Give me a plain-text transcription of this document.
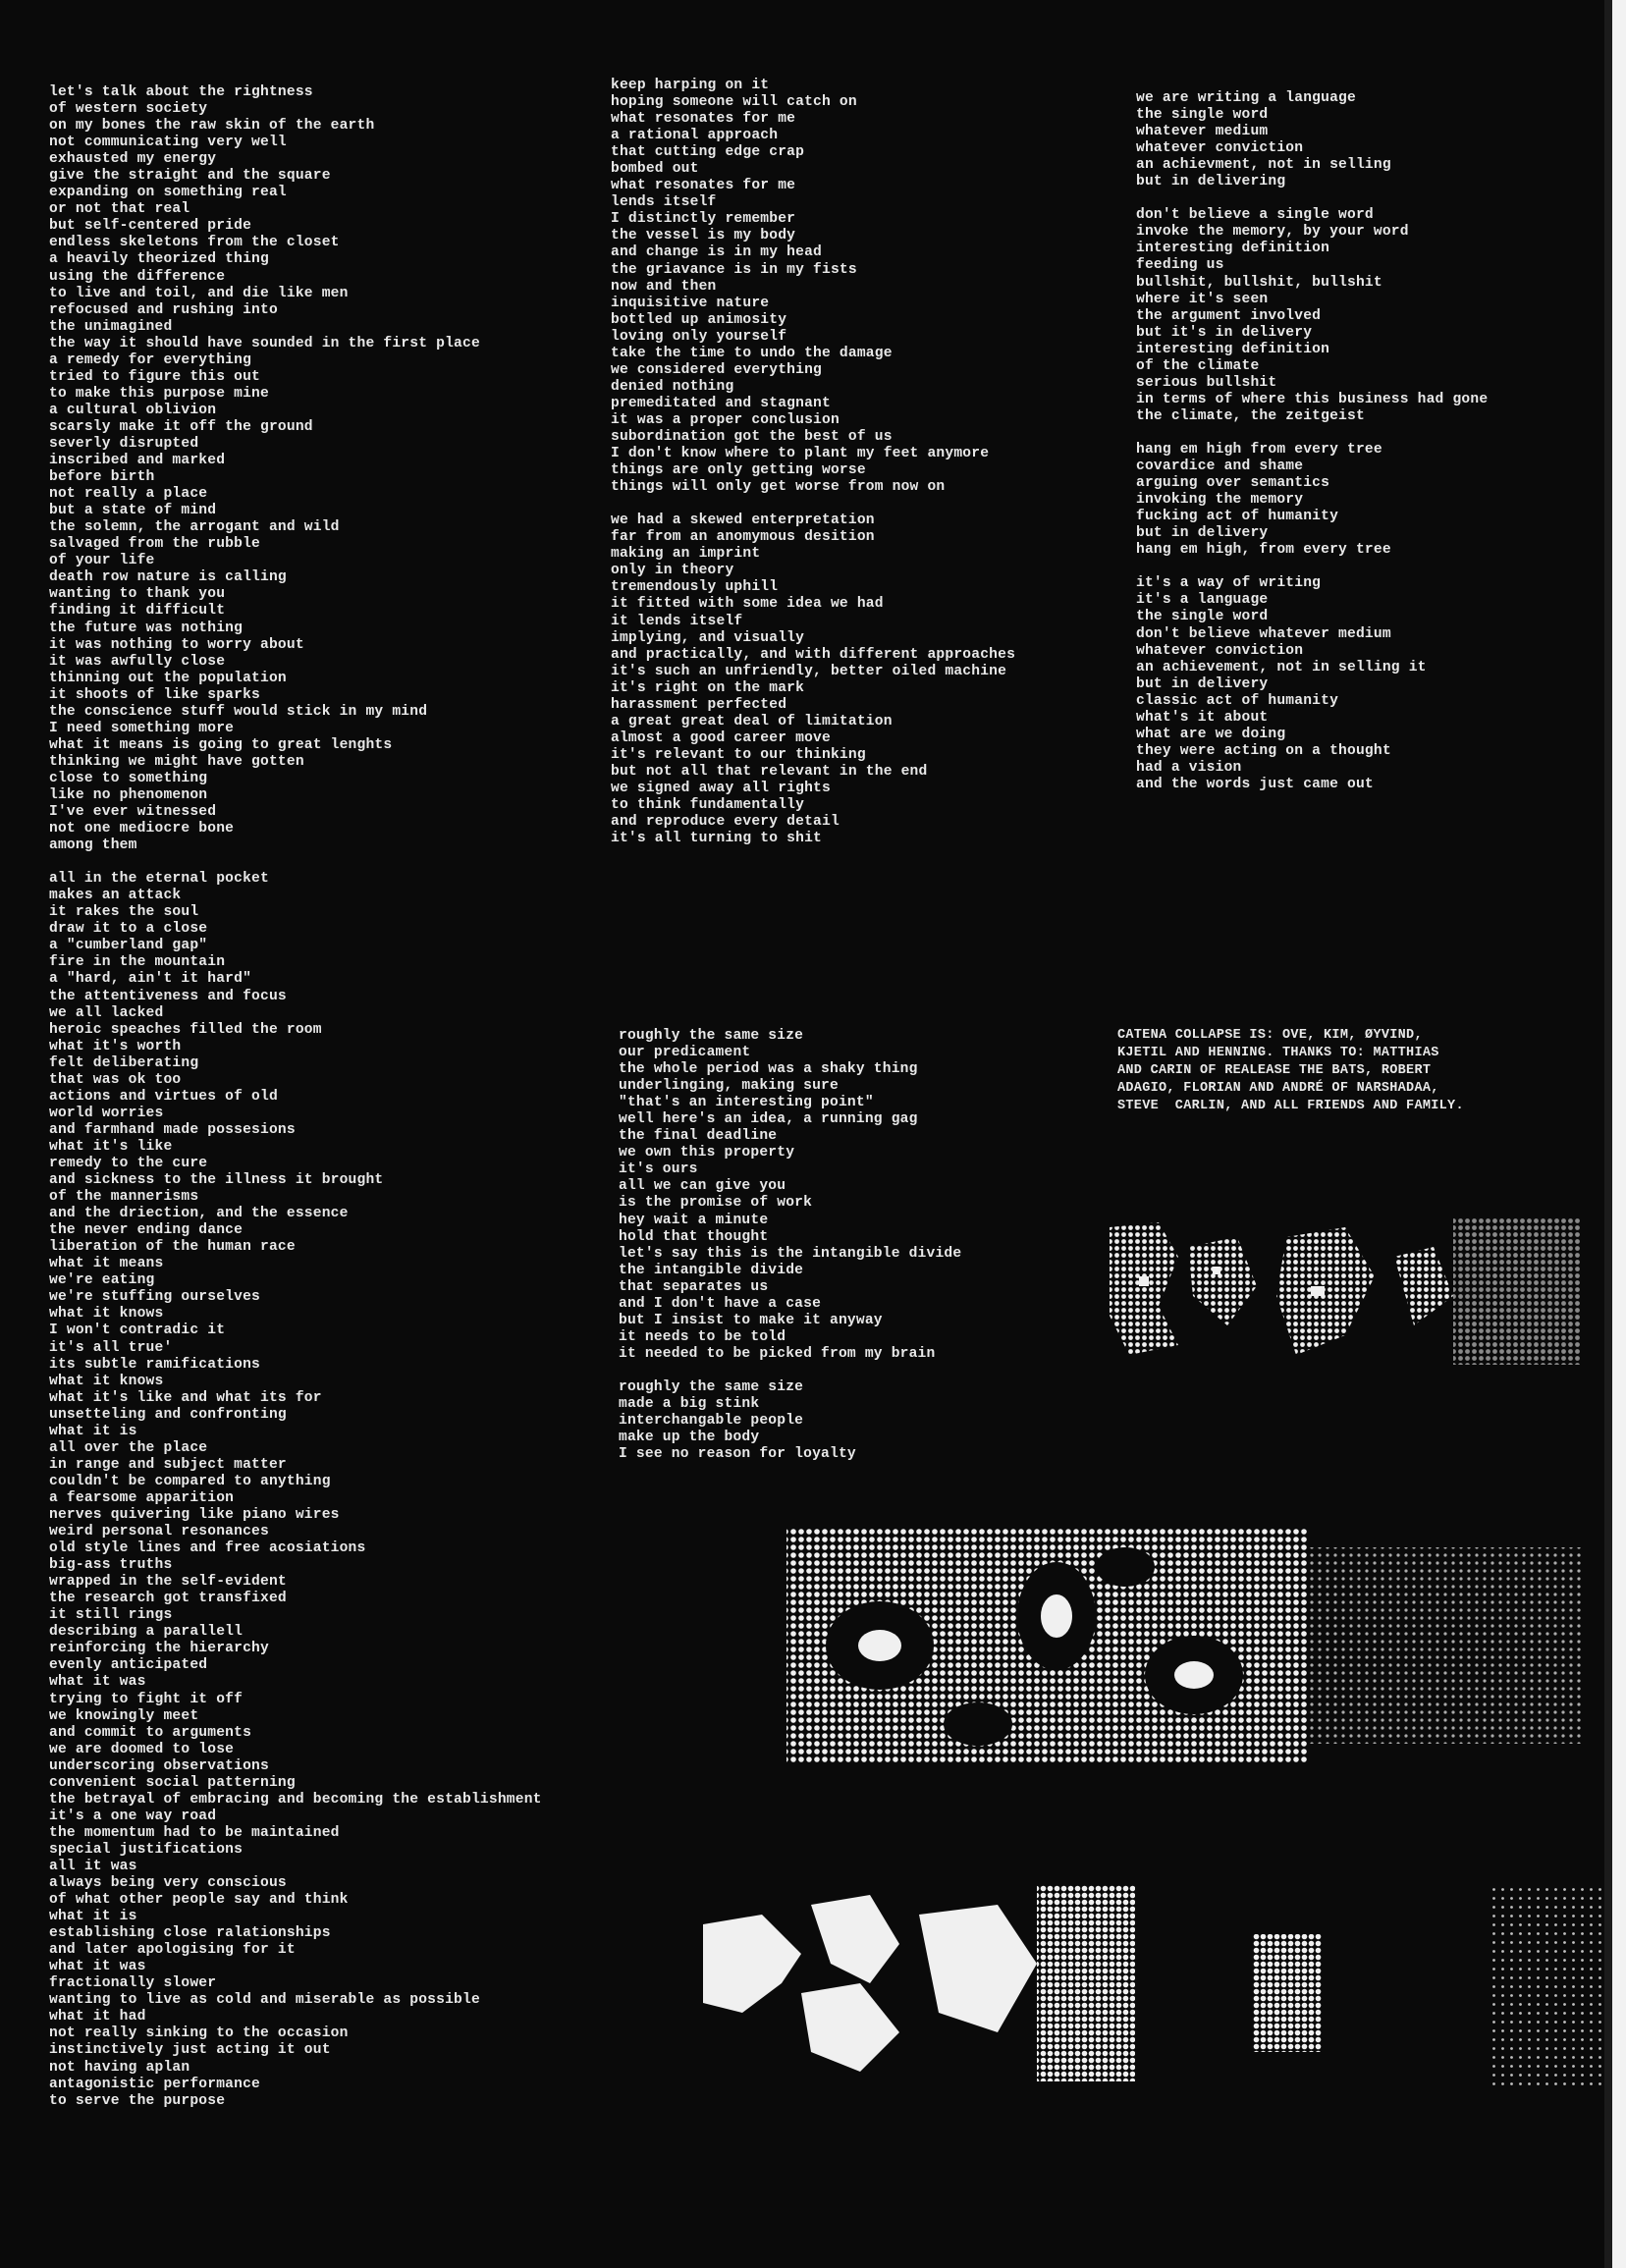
let's talk about the rightness
of western society
on my bones the raw skin of the earth
not communicating very well
exhausted my energy
give the straight and the square
expanding on something real
or not that real
but self-centered pride
endless skeletons from the closet
a heavily theorized thing
using the difference
to live and toil, and die like men
refocused and rushing into
the unimagined
the way it should have sounded in the first place
a remedy for everything
tried to figure this out
to make this purpose mine
a cultural oblivion
scarsly make it off the ground
severly disrupted
inscribed and marked
before birth
not really a place
but a state of mind
the solemn, the arrogant and wild
salvaged from the rubble
of your life
death row nature is calling
wanting to thank you
finding it difficult
the future was nothing
it was nothing to worry about
it was awfully close
thinning out the population
it shoots of like sparks
the conscience stuff would stick in my mind
I need something more
what it means is going to great lenghts
thinking we might have gotten
close to something
like no phenomenon
I've ever witnessed
not one mediocre bone
among them
all in the eternal pocket
makes an attack
it rakes the soul
draw it to a close
a "cumberland gap"
fire in the mountain
a "hard, ain't it hard"
the attentiveness and focus
we all lacked
heroic speaches filled the room
what it's worth
felt deliberating
that was ok too
actions and virtues of old
world worries
and farmhand made possesions
what it's like
remedy to the cure
and sickness to the illness it brought
of the mannerisms
and the driection, and the essence
the never ending dance
liberation of the human race
what it means
we're eating
we're stuffing ourselves
what it knows
I won't contradic it
it's all true'
its subtle ramifications
what it knows
what it's like and what its for
unsetteling and confronting
what it is
all over the place
in range and subject matter
couldn't be compared to anything
a fearsome apparition
nerves quivering like piano wires
weird personal resonances
old style lines and free acosiations
big-ass truths
wrapped in the self-evident
the research got transfixed
it still rings
describing a parallell
reinforcing the hierarchy
evenly anticipated
what it was
trying to fight it off
we knowingly meet
and commit to arguments
we are doomed to lose
underscoring observations
convenient social patterning
the betrayal of embracing and becoming the establishment
it's a one way road
the momentum had to be maintained
special justifications
all it was
always being very conscious
of what other people say and think
what it is
establishing close ralationships
and later apologising for it
what it was
fractionally slower
wanting to live as cold and miserable as possible
what it had
not really sinking to the occasion
instinctively just acting it out
not having aplan
antagonistic performance
to serve the purpose
keep harping on it
hoping someone will catch on
what resonates for me
a rational approach
that cutting edge crap
bombed out
what resonates for me
lends itself
I distinctly remember
the vessel is my body
and change is in my head
the griavance is in my fists
now and then
inquisitive nature
bottled up animosity
loving only yourself
take the time to undo the damage
we considered everything
denied nothing
premeditated and stagnant
it was a proper conclusion
subordination got the best of us
I don't know where to plant my feet anymore
things are only getting worse
things will only get worse from now on
we had a skewed enterpretation
far from an anomymous desition
making an imprint
only in theory
tremendously uphill
it fitted with some idea we had
it lends itself
implying, and visually
and practically, and with different approaches
it's such an unfriendly, better oiled machine
it's right on the mark
harassment perfected
a great great deal of limitation
almost a good career move
it's relevant to our thinking
but not all that relevant in the end
we signed away all rights
to think fundamentally
and reproduce every detail
it's all turning to shit
roughly the same size
our predicament
the whole period was a shaky thing
underlinging, making sure
"that's an interesting point"
well here's an idea, a running gag
the final deadline
we own this property
it's ours
all we can give you
is the promise of work
hey wait a minute
hold that thought
let's say this is the intangible divide
the intangible divide
that separates us
and I don't have a case
but I insist to make it anyway
it needs to be told
it needed to be picked from my brain
roughly the same size
made a big stink
interchangable people
make up the body
I see no reason for loyalty
we are writing a language
the single word
whatever medium
whatever conviction
an achievment, not in selling
but in delivering
don't believe a single word
invoke the memory, by your word
interesting definition
feeding us
bullshit, bullshit, bullshit
where it's seen
the argument involved
but it's in delivery
interesting definition
of the climate
serious bullshit
in terms of where this business had gone
the climate, the zeitgeist
hang em high from every tree
covardice and shame
arguing over semantics
invoking the memory
fucking act of humanity
but in delivery
hang em high, from every tree
it's a way of writing
it's a language
the single word
don't believe whatever medium
whatever conviction
an achievement, not in selling it
but in delivery
classic act of humanity
what's it about
what are we doing
they were acting on a thought
had a vision
and the words just came out
CATENA COLLAPSE IS: OVE, KIM, ØYVIND,
KJETIL AND HENNING. THANKS TO: MATTHIAS
AND CARIN OF REALEASE THE BATS, ROBERT
ADAGIO, FLORIAN AND ANDRÉ OF NARSHADAA,
STEVE  CARLIN, AND ALL FRIENDS AND FAMILY.
